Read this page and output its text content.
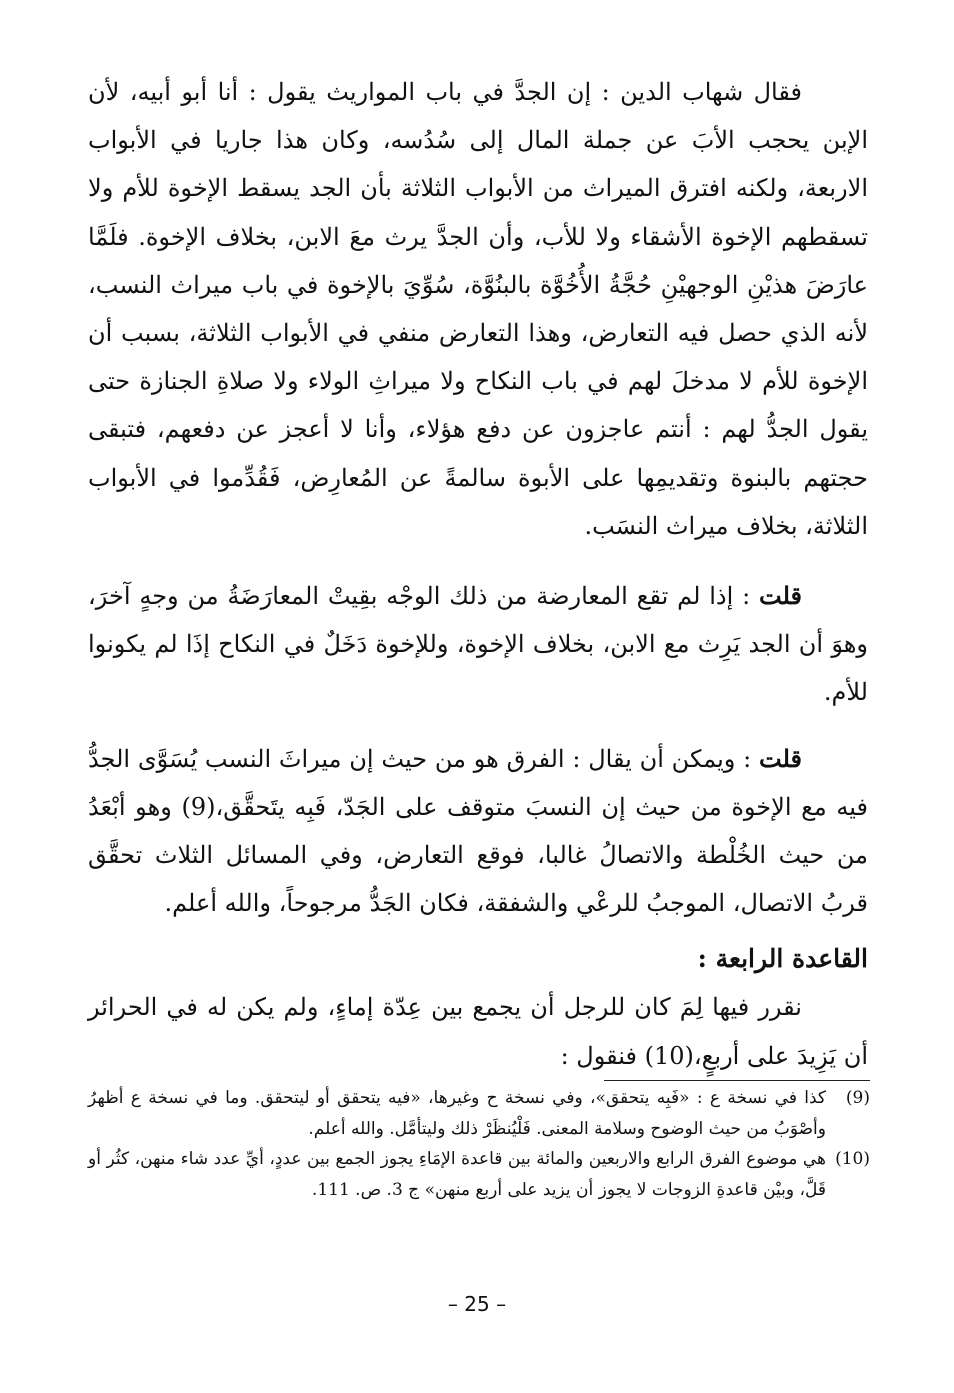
فقال شهاب الدين : إن الجدَّ في باب المواريث يقول : أنا أبو أبيه، لأن الإبن يحجب الأبَ عن جملة المال إلى سُدُسه، وكان هذا جاريا في الأبواب الاربعة، ولكنه افترق الميراث من الأبواب الثلاثة بأن الجد يسقط الإخوة للأم ولا تسقطهم الإخوة الأشقاء ولا للأب، وأن الجدَّ يرث معَ الابن، بخلاف الإخوة. فلَمَّا عارَضَ هذيْنِ الوجهيْنِ حُجَّةُ الأُخُوَّة بالبنُوَّة، سُوِّيَ بالإخوة في باب ميراث النسب، لأنه الذي حصل فيه التعارض، وهذا التعارض منفي في الأبواب الثلاثة، بسبب أن الإخوة للأم لا مدخلَ لهم في باب النكاح ولا ميراثِ الولاء ولا صلاةِ الجنازة حتى يقول الجدُّ لهم : أنتم عاجزون عن دفع هؤلاء، وأنا لا أعجز عن دفعهم، فتبقى حجتهم بالبنوة وتقديمِها على الأبوة سالمةً عن المُعارِض، فَقُدِّموا في الأبواب الثلاثة، بخلاف ميراث النسَب.

قلت : إذا لم تقع المعارضة من ذلك الوجْه بقِيتْ المعارَضَةُ من وجهٍ آخرَ، وهوَ أن الجد يَرِث مع الابن، بخلاف الإخوة، وللإخوة دَخَلٌ في النكاح إذَا لم يكونوا للأم.

قلت : ويمكن أن يقال : الفرق هو من حيث إن ميراثَ النسب يُسَوَّى الجدُّ فيه مع الإخوة من حيث إن النسبَ متوقف على الجَدّ، فَبِه يتَحقَّق،(9) وهو أبْعَدُ من حيث الخُلْطة والاتصالُ غالبا، فوقع التعارض، وفي المسائل الثلاث تحقَّق قربُ الاتصال، الموجبُ للرعْي والشفقة، فكان الجَدُّ مرجوحاً، والله أعلم.

القاعدة الرابعة :

نقرر فيها لِمَ كان للرجل أن يجمع بين عِدّة إماءٍ، ولم يكن له في الحرائر أن يَزِيدَ على أربعٍ،(10) فنقول :

(9)
كذا في نسخة ع : «فَبِه يتحقق»، وفي نسخة ح وغيرها، «فيه يتحقق أو ليتحقق. وما في نسخة ع أظهرُ وأصْوَبُ من حيث الوضوح وسلامة المعنى. فَلْيُنظَرْ ذلك وليتأمَّل. والله أعلم.
(10)
هي موضوع الفرق الرابع والاربعين والمائة بين قاعدة الإمَاءِ يجوز الجمع بين عددٍ، أيِّ عدد شاء منهن، كثُر أو قَلَّ، وبيْن قاعدةِ الزوجات لا يجوز أن يزيد على أربع منهن» ج 3. ص. 111.
– 25 –
